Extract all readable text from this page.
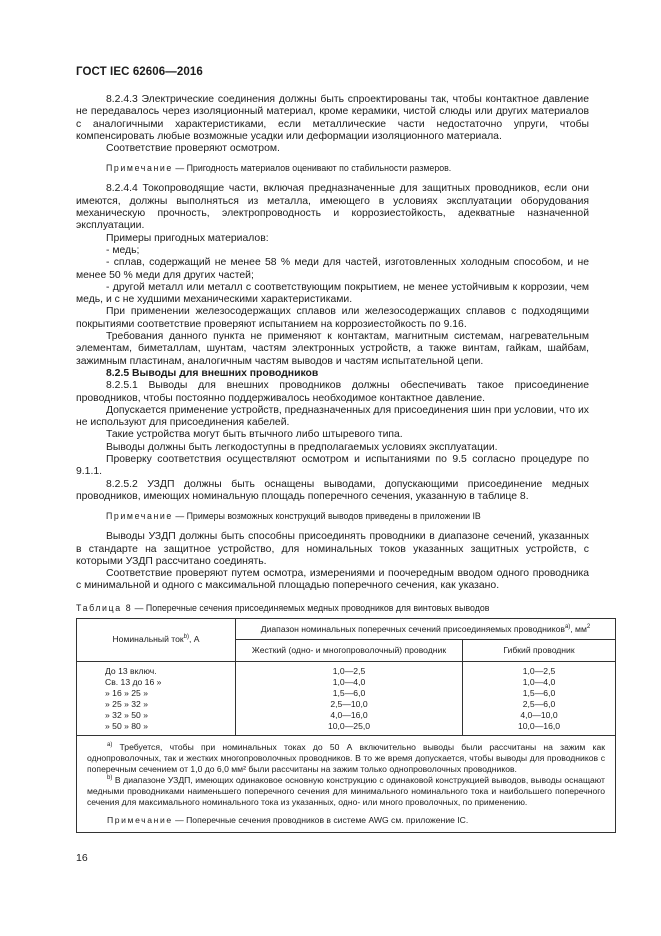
ГОСТ IEC 62606—2016

8.2.4.3 Электрические соединения должны быть спроектированы так, чтобы контактное давление не передавалось через изоляционный материал, кроме керамики, чистой слюды или других материалов с аналогичными характеристиками, если металлические части недостаточно упруги, чтобы компенсировать любые возможные усадки или деформации изоляционного материала.

Соответствие проверяют осмотром.

Примечание — Пригодность материалов оценивают по стабильности размеров.

8.2.4.4 Токопроводящие части, включая предназначенные для защитных проводников, если они имеются, должны выполняться из металла, имеющего в условиях эксплуатации оборудования механическую прочность, электропроводность и коррозиестойкость, адекватные назначенной эксплуатации.

Примеры пригодных материалов:

- медь;

- сплав, содержащий не менее 58 % меди для частей, изготовленных холодным способом, и не менее 50 % меди для других частей;

- другой металл или металл с соответствующим покрытием, не менее устойчивым к коррозии, чем медь, и с не худшими механическими характеристиками.

При применении железосодержащих сплавов или железосодержащих сплавов с подходящими покрытиями соответствие проверяют испытанием на коррозиестойкость по 9.16.

Требования данного пункта не применяют к контактам, магнитным системам, нагревательным элементам, биметаллам, шунтам, частям электронных устройств, а также винтам, гайкам, шайбам, зажимным пластинам, аналогичным частям выводов и частям испытательной цепи.

8.2.5 Выводы для внешних проводников

8.2.5.1 Выводы для внешних проводников должны обеспечивать такое присоединение проводников, чтобы постоянно поддерживалось необходимое контактное давление.

Допускается применение устройств, предназначенных для присоединения шин при условии, что их не используют для присоединения кабелей.

Такие устройства могут быть втычного либо штыревого типа.

Выводы должны быть легкодоступны в предполагаемых условиях эксплуатации.

Проверку соответствия осуществляют осмотром и испытаниями по 9.5 согласно процедуре по 9.1.1.

8.2.5.2 УЗДП должны быть оснащены выводами, допускающими присоединение медных проводников, имеющих номинальную площадь поперечного сечения, указанную в таблице 8.

Примечание — Примеры возможных конструкций выводов приведены в приложении IB

Выводы УЗДП должны быть способны присоединять проводники в диапазоне сечений, указанных в стандарте на защитное устройство, для номинальных токов указанных защитных устройств, с которыми УЗДП рассчитано соединять.

Соответствие проверяют путем осмотра, измерениями и поочередным вводом одного проводника с минимальной и одного с максимальной площадью поперечного сечения, как указано.

Таблица 8 — Поперечные сечения присоединяемых медных проводников для винтовых выводов
Номинальный ток$^{b)}$, А	Диапазон номинальных поперечных сечений присоединяемых проводников$^{a)}$, $мм^2$
	Жесткий (одно- и многопроволочный) проводник	Гибкий проводник
До 13 включ.	1,0—2,5	1,0—2,5
Св. 13 до 16 »	1,0—4,0	1,0—4,0
» 16 » 25 »	1,5—6,0	1,5—6,0
» 25 » 32 »	2,5—10,0	2,5—6,0
» 32 » 50 »	4,0—16,0	4,0—10,0
» 50 » 80 »	10,0—25,0	10,0—16,0

$^{a)}$ Требуется, чтобы при номинальных токах до 50 А включительно выводы были рассчитаны на зажим как однопроволочных, так и жестких многопроволочных проводников. В то же время допускается, чтобы выводы для проводников с поперечным сечением от 1,0 до 6,0 мм² были рассчитаны на зажим только однопроволочных проводников.

$^{b)}$ В диапазоне УЗДП, имеющих одинаковое основную конструкцию с одинаковой конструкцией выводов, выводы оснащают медными проводниками наименьшего поперечного сечения для минимального номинального тока и наибольшего поперечного сечения для максимального номинального тока из указанных, одно- или много проволочных, по применению.

Примечание — Поперечные сечения проводников в системе AWG см. приложение IC.		

16
